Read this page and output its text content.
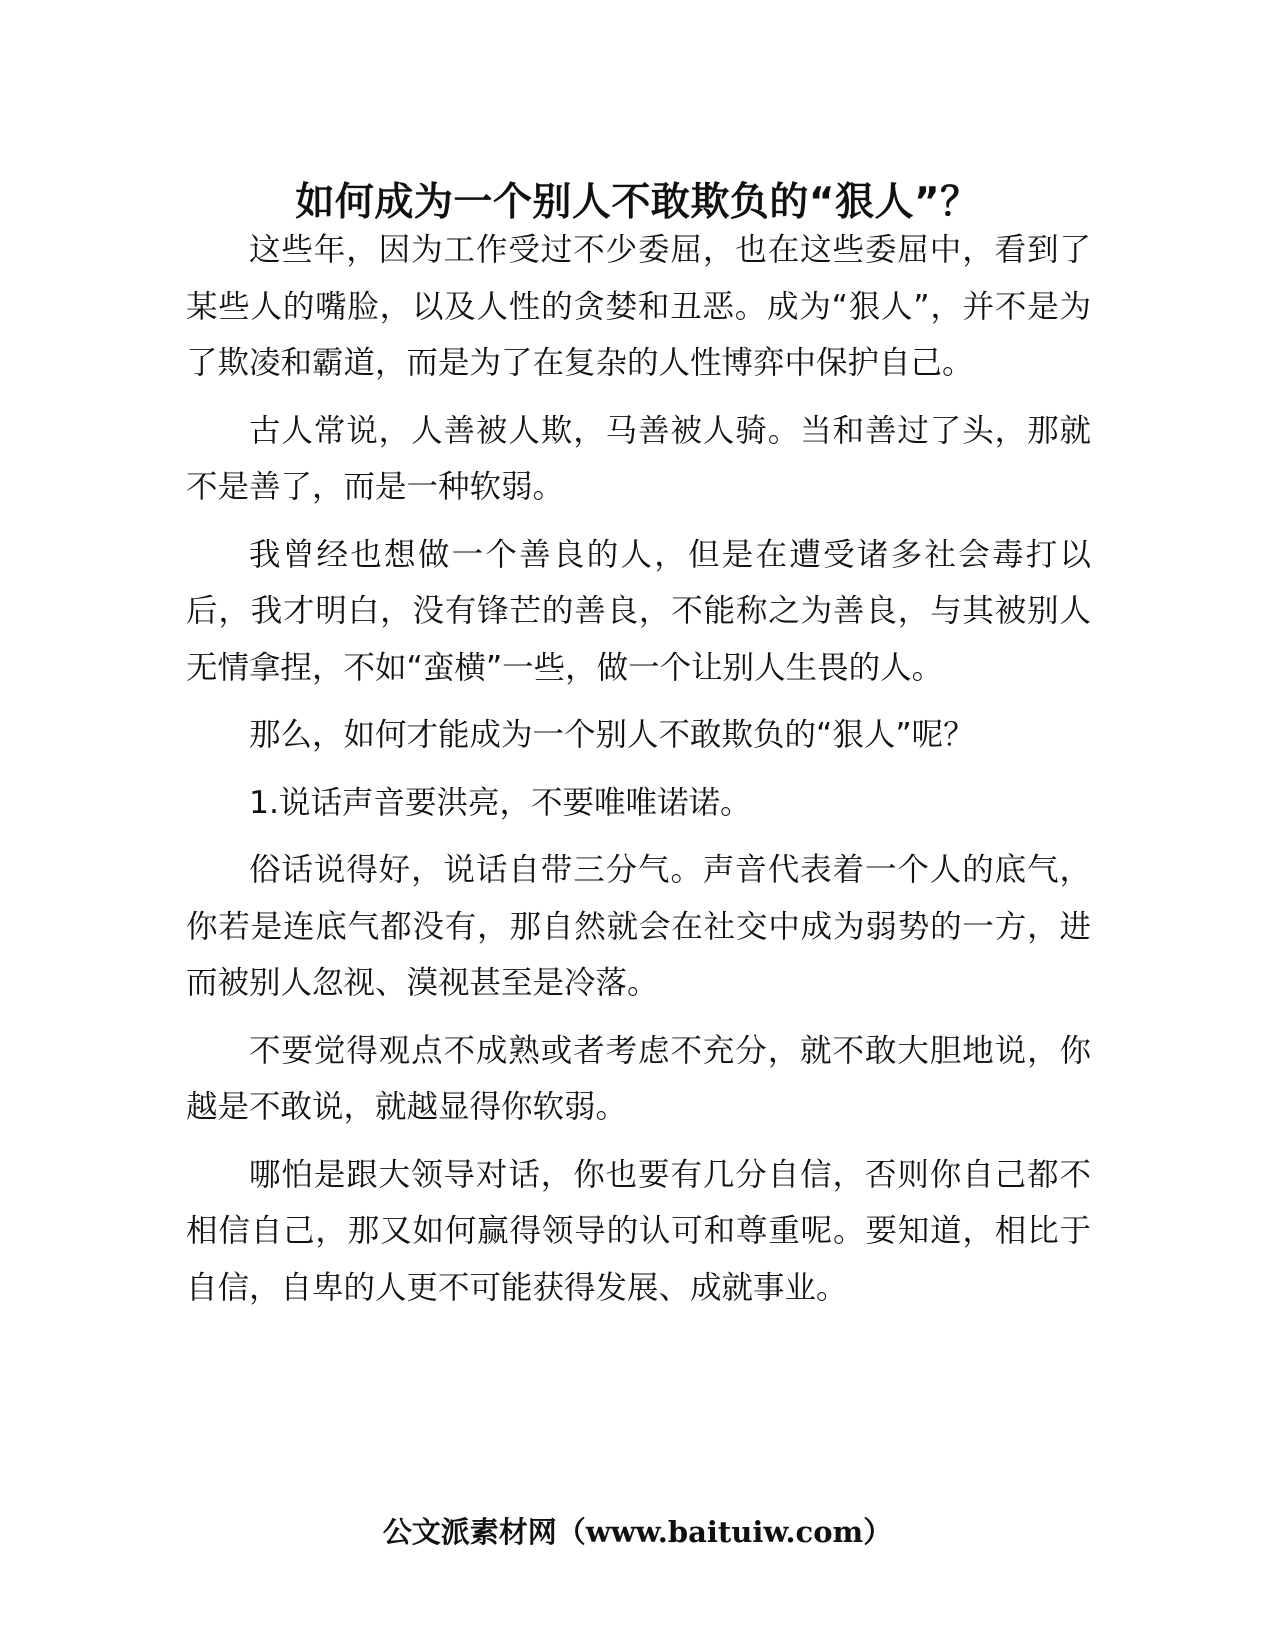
如何成为一个别人不敢欺负的“狠人”？

这些年，因为工作受过不少委屈，也在这些委屈中，看到了某些人的嘴脸，以及人性的贪婪和丑恶。成为“狠人”，并不是为了欺凌和霸道，而是为了在复杂的人性博弈中保护自己。

古人常说，人善被人欺，马善被人骑。当和善过了头，那就不是善了，而是一种软弱。

我曾经也想做一个善良的人，但是在遭受诸多社会毒打以后，我才明白，没有锋芒的善良，不能称之为善良，与其被别人无情拿捏，不如“蛮横”一些，做一个让别人生畏的人。

那么，如何才能成为一个别人不敢欺负的“狠人”呢？

1.说话声音要洪亮，不要唯唯诺诺。

俗话说得好，说话自带三分气。声音代表着一个人的底气，你若是连底气都没有，那自然就会在社交中成为弱势的一方，进而被别人忽视、漠视甚至是冷落。

不要觉得观点不成熟或者考虑不充分，就不敢大胆地说，你越是不敢说，就越显得你软弱。

哪怕是跟大领导对话，你也要有几分自信，否则你自己都不相信自己，那又如何赢得领导的认可和尊重呢。要知道，相比于自信，自卑的人更不可能获得发展、成就事业。

公文派素材网（www.baituiw.com）
